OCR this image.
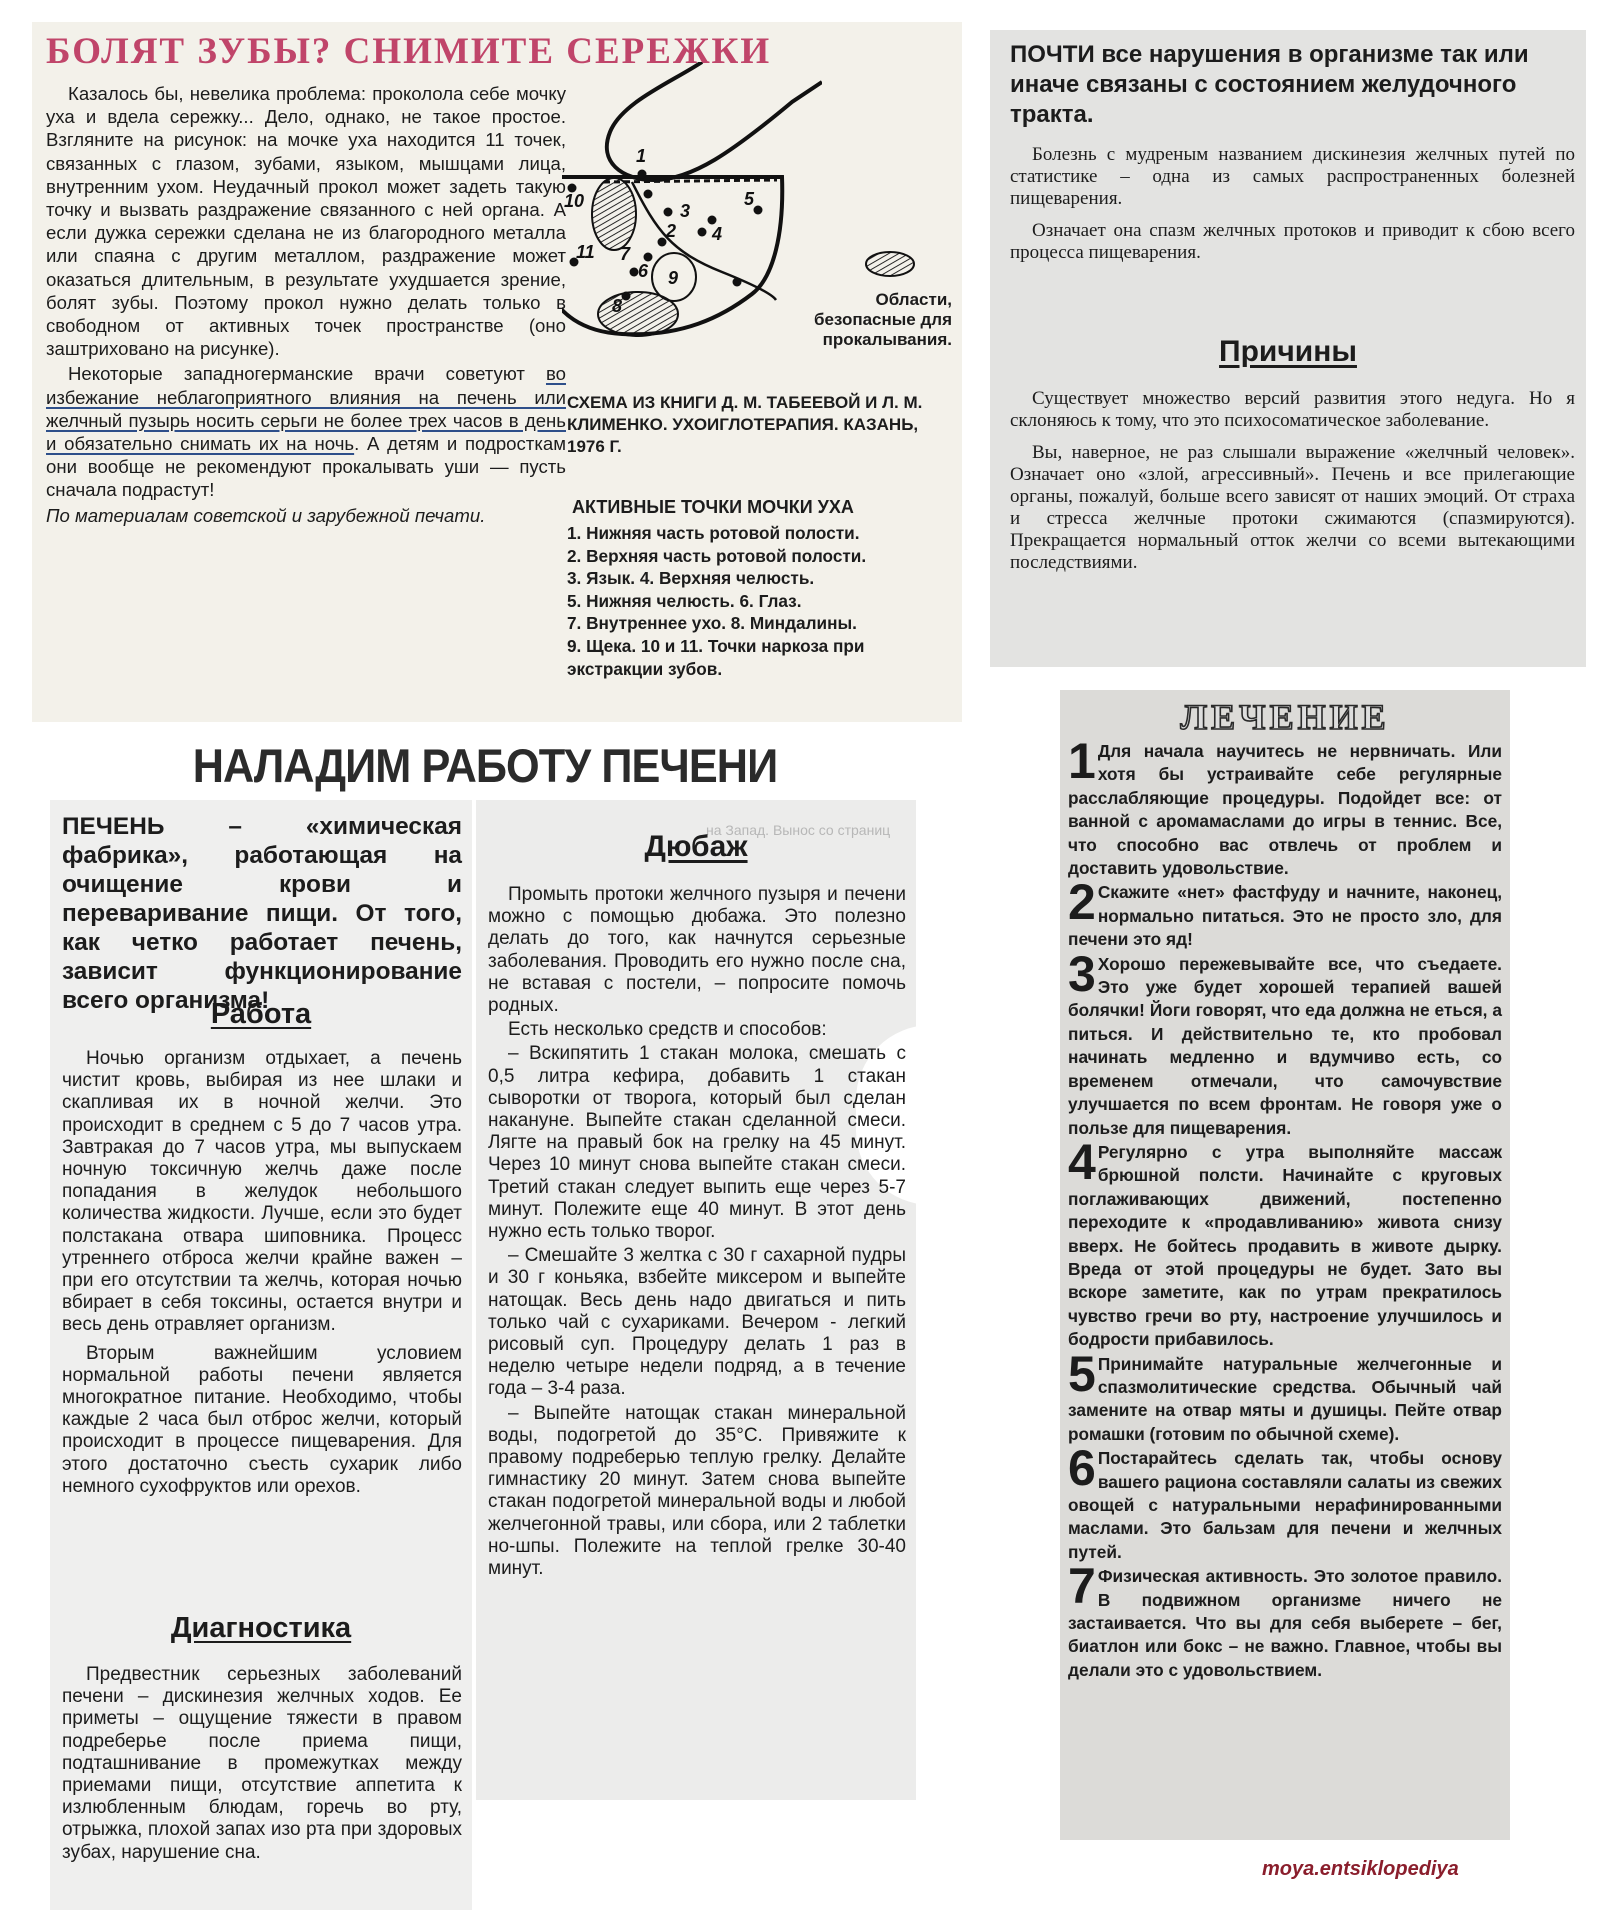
БОЛЯТ ЗУБЫ? СНИМИТЕ СЕРЕЖКИ

Казалось бы, невелика проблема: проколола себе мочку уха и вдела сережку... Дело, однако, не такое простое. Взгляните на рисунок: на мочке уха находится 11 точек, связанных с глазом, зубами, языком, мышцами лица, внутренним ухом. Неудачный прокол может задеть такую точку и вызвать раздражение связанного с ней органа. А если дужка сережки сделана не из благородного металла или спаяна с другим металлом, раздражение может оказаться длительным, в результате ухудшается зрение, болят зубы. Поэтому прокол нужно делать только в свободном от активных точек пространстве (оно заштриховано на рисунке).

Некоторые западногерманские врачи советуют во избежание неблагоприятного влияния на печень или желчный пузырь носить серьги не более трех часов в день и обязательно снимать их на ночь. А детям и подросткам они вообще не рекомендуют прокалывать уши — пусть сначала подрастут!

По материалам советской и зарубежной печати.

1
2
3
4
5
6
7
8
9
10
11
Области, безопасные для прокалывания.
СХЕМА ИЗ КНИГИ Д. М. ТАБЕЕВОЙ И Л. М. КЛИМЕНКО. УХОИГЛОТЕРАПИЯ. КАЗАНЬ, 1976 Г.
АКТИВНЫЕ ТОЧКИ МОЧКИ УХА
1. Нижняя часть ротовой полости.
2. Верхняя часть ротовой полости.
3. Язык. 4. Верхняя челюсть.
5. Нижняя челюсть. 6. Глаз.
7. Внутреннее ухо. 8. Миндалины.
9. Щека. 10 и 11. Точки наркоза при экстракции зубов.
ПОЧТИ все нарушения в организме так или иначе связаны с состоянием желудочного тракта.

Болезнь с мудреным названием дискинезия желчных путей по статистике – одна из самых распространенных болезней пищеварения.

Означает она спазм желчных протоков и приводит к сбою всего процесса пищеварения.

Причины

Существует множество версий развития этого недуга. Но я склоняюсь к тому, что это психосоматическое заболевание.

Вы, наверное, не раз слышали выражение «желчный человек». Означает оно «злой, агрессивный». Печень и все прилегающие органы, пожалуй, больше всего зависят от наших эмоций. От страха и стресса желчные протоки сжимаются (спазмируются). Прекращается нормальный отток желчи со всеми вытекающими последствиями.

НАЛАДИМ РАБОТУ ПЕЧЕНИ
ПЕЧЕНЬ – «химическая фабрика», работающая на очищение крови и переваривание пищи. От того, как четко работает печень, зависит функционирование всего организма!
Работа

Ночью организм отдыхает, а печень чистит кровь, выбирая из нее шлаки и скапливая их в ночной желчи. Это происходит в среднем с 5 до 7 часов утра. Завтракая до 7 часов утра, мы выпускаем ночную токсичную желчь даже после попадания в желудок небольшого количества жидкости. Лучше, если это будет полстакана отвара шиповника. Процесс утреннего отброса желчи крайне важен – при его отсутствии та желчь, которая ночью вбирает в себя токсины, остается внутри и весь день отравляет организм.

Вторым важнейшим условием нормальной работы печени является многократное питание. Необходимо, чтобы каждые 2 часа был отброс желчи, который происходит в процессе пищеварения. Для этого достаточно съесть сухарик либо немного сухофруктов или орехов.

Диагностика

Предвестник серьезных заболеваний печени – дискинезия желчных ходов. Ее приметы – ощущение тяжести в правом подреберье после приема пищи, подташнивание в промежутках между приемами пищи, отсутствие аппетита к излюбленным блюдам, горечь во рту, отрыжка, плохой запах изо рта при здоровых зубах, нарушение сна.

на Запад. Вынос со страниц
Дюбаж

Промыть протоки желчного пузыря и печени можно с помощью дюбажа. Это полезно делать до того, как начнутся серьезные заболевания. Проводить его нужно после сна, не вставая с постели, – попросите помочь родных.

Есть несколько средств и способов:

– Вскипятить 1 стакан молока, смешать с 0,5 литра кефира, добавить 1 стакан сыворотки от творога, который был сделан накануне. Выпейте стакан сделанной смеси. Лягте на правый бок на грелку на 45 минут. Через 10 минут снова выпейте стакан смеси. Третий стакан следует выпить еще через 5-7 минут. Полежите еще 40 минут. В этот день нужно есть только творог.

– Смешайте 3 желтка с 30 г сахарной пудры и 30 г коньяка, взбейте миксером и выпейте натощак. Весь день надо двигаться и пить только чай с сухариками. Вечером - легкий рисовый суп. Процедуру делать 1 раз в неделю четыре недели подряд, а в течение года – 3-4 раза.

– Выпейте натощак стакан минеральной воды, подогретой до 35°С. Привяжите к правому подреберью теплую грелку. Делайте гимнастику 20 минут. Затем снова выпейте стакан подогретой минеральной воды и любой желчегонной травы, или сбора, или 2 таблетки но-шпы. Полежите на теплой грелке 30-40 минут.

ЛЕЧЕНИЕ
1 Для начала научитесь не нервничать. Или хотя бы устраивайте себе регулярные расслабляющие процедуры. Подойдет все: от ванной с аромамаслами до игры в теннис. Все, что способно вас отвлечь от проблем и доставить удовольствие.
2 Скажите «нет» фастфуду и начните, наконец, нормально питаться. Это не просто зло, для печени это яд!
3 Хорошо пережевывайте все, что съедаете. Это уже будет хорошей терапией вашей болячки! Йоги говорят, что еда должна не еться, а питься. И действительно те, кто пробовал начинать медленно и вдумчиво есть, со временем отмечали, что самочувствие улучшается по всем фронтам. Не говоря уже о пользе для пищеварения.
4 Регулярно с утра выполняйте массаж брюшной полсти. Начинайте с круговых поглаживающих движений, постепенно переходите к «продавливанию» живота снизу вверх. Не бойтесь продавить в животе дырку. Вреда от этой процедуры не будет. Зато вы вскоре заметите, как по утрам прекратилось чувство гречи во рту, настроение улучшилось и бодрости прибавилось.
5 Принимайте натуральные желчегонные и спазмолитические средства. Обычный чай замените на отвар мяты и душицы. Пейте отвар ромашки (готовим по обычной схеме).
6 Постарайтесь сделать так, чтобы основу вашего рациона составляли салаты из свежих овощей с натуральными нерафинированными маслами. Это бальзам для печени и желчных путей.
7 Физическая активность. Это золотое правило. В подвижном организме ничего не застаивается. Что вы для себя выберете – бег, биатлон или бокс – не важно. Главное, чтобы вы делали это с удовольствием.
moya.entsiklopediya
